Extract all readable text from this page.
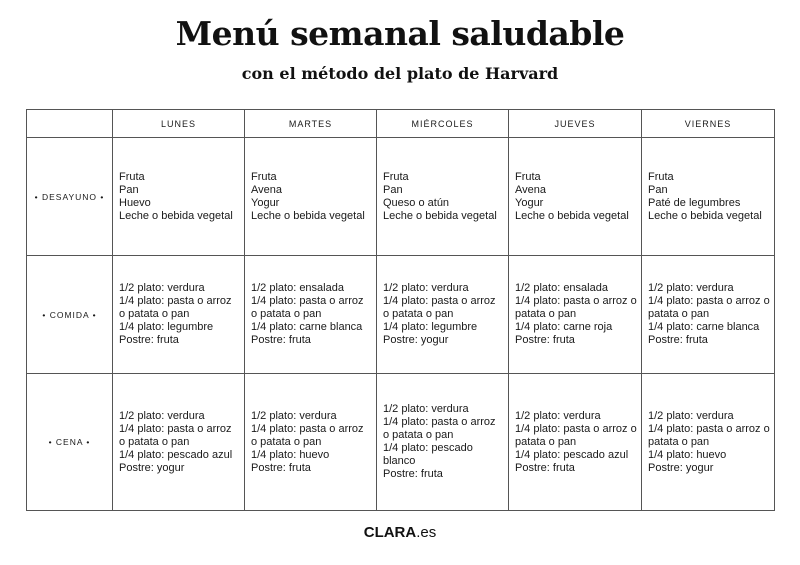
Menú semanal saludable
con el método del plato de Harvard
	LUNES	MARTES	MIÉRCOLES	JUEVES	VIERNES
• DESAYUNO •	Fruta
Pan
Huevo
Leche o bebida vegetal	Fruta
Avena
Yogur
Leche o bebida vegetal	Fruta
Pan
Queso o atún
Leche o bebida vegetal	Fruta
Avena
Yogur
Leche o bebida vegetal	Fruta
Pan
Paté de legumbres
Leche o bebida vegetal

• COMIDA •	1/2 plato: verdura
1/4 plato: pasta o arroz o patata o pan
1/4 plato: legumbre
Postre: fruta	1/2 plato: ensalada
1/4 plato: pasta o arroz o patata o pan
1/4 plato: carne blanca
Postre: fruta	1/2 plato: verdura
1/4 plato: pasta o arroz o patata o pan
1/4 plato: legumbre
Postre: yogur	1/2 plato: ensalada
1/4 plato: pasta o arroz o patata o pan
1/4 plato: carne roja
Postre: fruta	1/2 plato: verdura
1/4 plato: pasta o arroz o patata o pan
1/4 plato: carne blanca
Postre: fruta

• CENA •	1/2 plato: verdura
1/4 plato: pasta o arroz o patata o pan
1/4 plato: pescado azul
Postre: yogur	1/2 plato: verdura
1/4 plato: pasta o arroz o patata o pan
1/4 plato: huevo
Postre: fruta	1/2 plato: verdura
1/4 plato: pasta o arroz o patata o pan
1/4 plato: pescado blanco
Postre: fruta	1/2 plato: verdura
1/4 plato: pasta o arroz o patata o pan
1/4 plato: pescado azul
Postre: fruta	1/2 plato: verdura
1/4 plato: pasta o arroz o patata o pan
1/4 plato: huevo
Postre: yogur
CLARA.es
